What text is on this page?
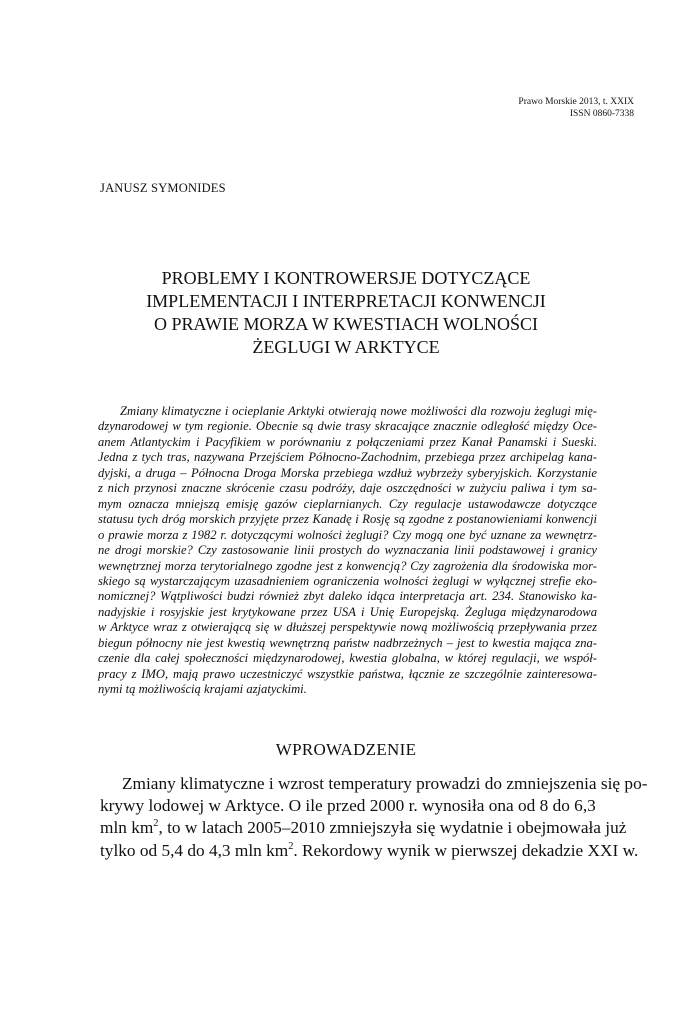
Prawo Morskie 2013, t. XXIX
ISSN 0860-7338
JANUSZ SYMONIDES
PROBLEMY I KONTROWERSJE DOTYCZĄCE
IMPLEMENTACJI I INTERPRETACJI KONWENCJI
O PRAWIE MORZA W KWESTIACH WOLNOŚCI
ŻEGLUGI W ARKTYCE
Zmiany klimatyczne i ocieplanie Arktyki otwierają nowe możliwości dla rozwoju żeglugi mię-
dzynarodowej w tym regionie. Obecnie są dwie trasy skracające znacznie odległość między Oce-
anem Atlantyckim i Pacyfikiem w porównaniu z połączeniami przez Kanał Panamski i Sueski.
Jedna z tych tras, nazywana Przejściem Północno-Zachodnim, przebiega przez archipelag kana-
dyjski, a druga – Północna Droga Morska przebiega wzdłuż wybrzeży syberyjskich. Korzystanie
z nich przynosi znaczne skrócenie czasu podróży, daje oszczędności w zużyciu paliwa i tym sa-
mym oznacza mniejszą emisję gazów cieplarnianych. Czy regulacje ustawodawcze dotyczące
statusu tych dróg morskich przyjęte przez Kanadę i Rosję są zgodne z postanowieniami konwencji
o prawie morza z 1982 r. dotyczącymi wolności żeglugi? Czy mogą one być uznane za wewnętrz-
ne drogi morskie? Czy zastosowanie linii prostych do wyznaczania linii podstawowej i granicy
wewnętrznej morza terytorialnego zgodne jest z konwencją? Czy zagrożenia dla środowiska mor-
skiego są wystarczającym uzasadnieniem ograniczenia wolności żeglugi w wyłącznej strefie eko-
nomicznej? Wątpliwości budzi również zbyt daleko idąca interpretacja art. 234. Stanowisko ka-
nadyjskie i rosyjskie jest krytykowane przez USA i Unię Europejską. Żegluga międzynarodowa
w Arktyce wraz z otwierającą się w dłuższej perspektywie nową możliwością przepływania przez
biegun północny nie jest kwestią wewnętrzną państw nadbrzeżnych – jest to kwestia mająca zna-
czenie dla całej społeczności międzynarodowej, kwestia globalna, w której regulacji, we współ-
pracy z IMO, mają prawo uczestniczyć wszystkie państwa, łącznie ze szczególnie zainteresowa-
nymi tą możliwością krajami azjatyckimi.
WPROWADZENIE
Zmiany klimatyczne i wzrost temperatury prowadzi do zmniejszenia się po-
krywy lodowej w Arktyce. O ile przed 2000 r. wynosiła ona od 8 do 6,3
mln $km^2$, to w latach 2005–2010 zmniejszyła się wydatnie i obejmowała już
tylko od 5,4 do 4,3 mln $km^2$. Rekordowy wynik w pierwszej dekadzie XXI w.
